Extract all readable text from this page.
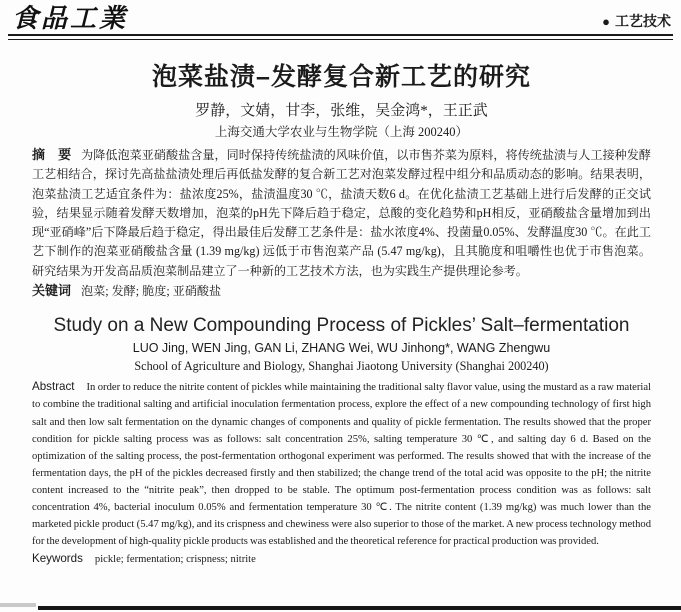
食品工業	● 工艺技术
泡菜盐渍–发酵复合新工艺的研究
罗静，文婧，甘李，张维，吴金鸿*，王正武
上海交通大学农业与生物学院（上海 200240）

摘　要 为降低泡菜亚硝酸盐含量，同时保持传统盐渍的风味价值，以市售芥菜为原料，将传统盐渍与人工接种发酵工艺相结合，探讨先高盐盐渍处理后再低盐发酵的复合新工艺对泡菜发酵过程中组分和品质动态的影响。结果表明，泡菜盐渍工艺适宜条件为：盐浓度25%，盐渍温度30 ℃，盐渍天数6 d。在优化盐渍工艺基础上进行后发酵的正交试验，结果显示随着发酵天数增加，泡菜的pH先下降后趋于稳定，总酸的变化趋势和pH相反，亚硝酸盐含量增加到出现“亚硝峰”后下降最后趋于稳定，得出最佳后发酵工艺条件是：盐水浓度4%、投菌量0.05%、发酵温度30 ℃。在此工艺下制作的泡菜亚硝酸盐含量 (1.39 mg/kg) 远低于市售泡菜产品 (5.47 mg/kg)，且其脆度和咀嚼性也优于市售泡菜。研究结果为开发高品质泡菜制品建立了一种新的工艺技术方法，也为实践生产提供理论参考。

关键词 泡菜; 发酵; 脆度; 亚硝酸盐

Study on a New Compounding Process of Pickles’ Salt–fermentation
LUO Jing, WEN Jing, GAN Li, ZHANG Wei, WU Jinhong*, WANG Zhengwu
School of Agriculture and Biology, Shanghai Jiaotong University (Shanghai 200240)

Abstract In order to reduce the nitrite content of pickles while maintaining the traditional salty flavor value, using the mustard as a raw material to combine the traditional salting and artificial inoculation fermentation process, explore the effect of a new compounding technology of first high salt and then low salt fermentation on the dynamic changes of components and quality of pickle fermentation. The results showed that the proper condition for pickle salting process was as follows: salt concentration 25%, salting temperature 30 ℃, and salting day 6 d. Based on the optimization of the salting process, the post-fermentation orthogonal experiment was performed. The results showed that with the increase of the fermentation days, the pH of the pickles decreased firstly and then stabilized; the change trend of the total acid was opposite to the pH; the nitrite content increased to the “nitrite peak”, then dropped to be stable. The optimum post-fermentation process condition was as follows: salt concentration 4%, bacterial inoculum 0.05% and fermentation temperature 30 ℃. The nitrite content (1.39 mg/kg) was much lower than the marketed pickle product (5.47 mg/kg), and its crispness and chewiness were also superior to those of the market. A new process technology method for the development of high-quality pickle products was established and the theoretical reference for practical production was provided.

Keywords pickle; fermentation; crispness; nitrite
